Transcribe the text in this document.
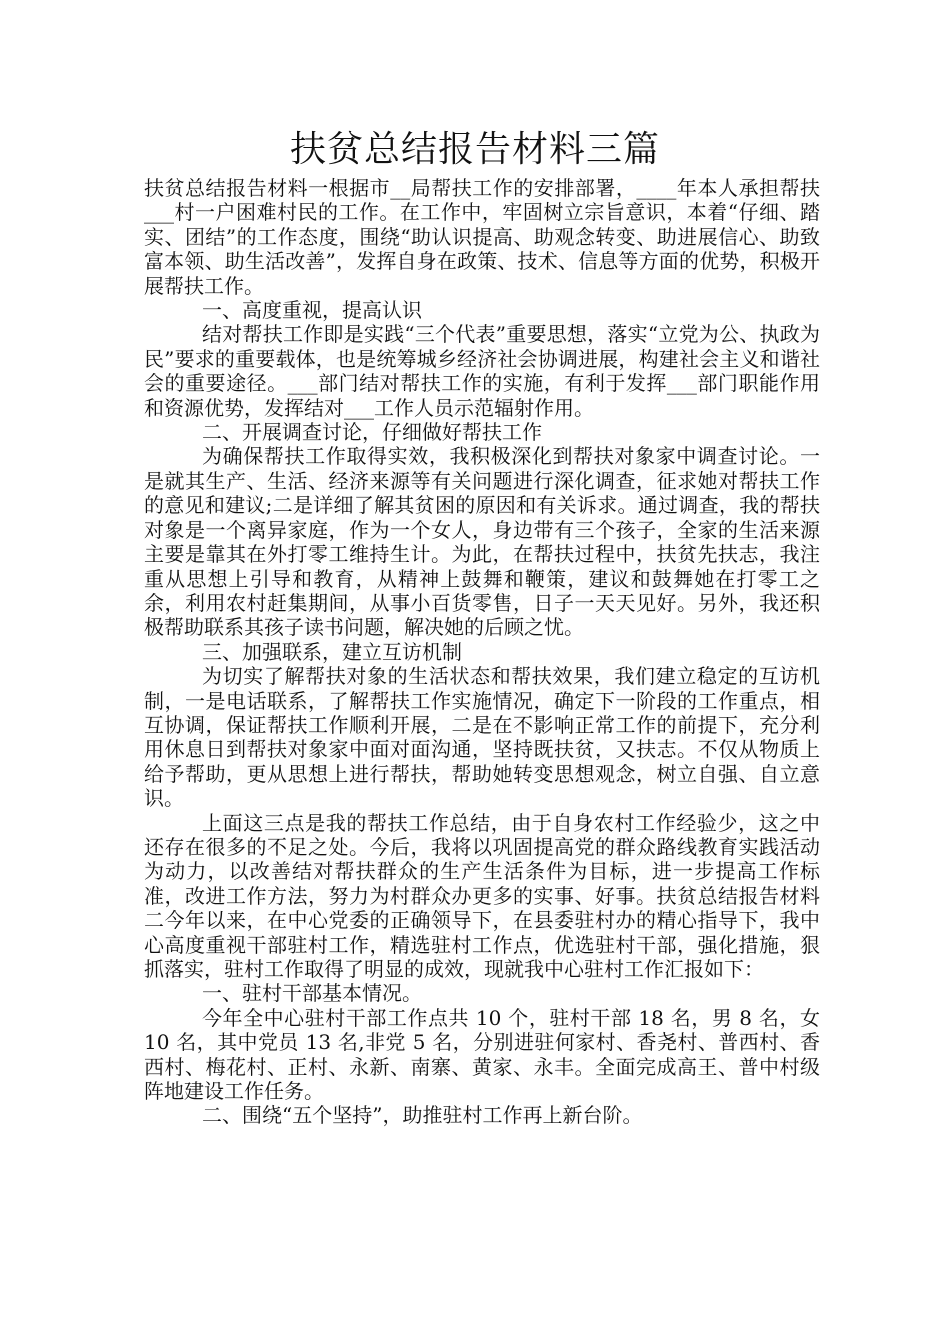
扶贫总结报告材料三篇

扶贫总结报告材料一根据市__局帮扶工作的安排部署，____年本人承担帮扶___村一户困难村民的工作。在工作中，牢固树立宗旨意识，本着“仔细、踏实、团结”的工作态度，围绕“助认识提高、助观念转变、助进展信心、助致富本领、助生活改善”，发挥自身在政策、技术、信息等方面的优势，积极开展帮扶工作。

一、高度重视，提高认识

结对帮扶工作即是实践“三个代表”重要思想，落实“立党为公、执政为民”要求的重要载体，也是统筹城乡经济社会协调进展，构建社会主义和谐社会的重要途径。___部门结对帮扶工作的实施，有利于发挥___部门职能作用和资源优势，发挥结对___工作人员示范辐射作用。

二、开展调查讨论，仔细做好帮扶工作

为确保帮扶工作取得实效，我积极深化到帮扶对象家中调查讨论。一是就其生产、生活、经济来源等有关问题进行深化调查，征求她对帮扶工作的意见和建议;二是详细了解其贫困的原因和有关诉求。通过调查，我的帮扶对象是一个离异家庭，作为一个女人，身边带有三个孩子，全家的生活来源主要是靠其在外打零工维持生计。为此，在帮扶过程中，扶贫先扶志，我注重从思想上引导和教育，从精神上鼓舞和鞭策，建议和鼓舞她在打零工之余，利用农村赶集期间，从事小百货零售，日子一天天见好。另外，我还积极帮助联系其孩子读书问题，解决她的后顾之忧。

三、加强联系，建立互访机制

为切实了解帮扶对象的生活状态和帮扶效果，我们建立稳定的互访机制，一是电话联系，了解帮扶工作实施情况，确定下一阶段的工作重点，相互协调，保证帮扶工作顺利开展，二是在不影响正常工作的前提下，充分利用休息日到帮扶对象家中面对面沟通，坚持既扶贫，又扶志。不仅从物质上给予帮助，更从思想上进行帮扶，帮助她转变思想观念，树立自强、自立意识。

上面这三点是我的帮扶工作总结，由于自身农村工作经验少，这之中还存在很多的不足之处。今后，我将以巩固提高党的群众路线教育实践活动为动力，以改善结对帮扶群众的生产生活条件为目标，进一步提高工作标准，改进工作方法，努力为村群众办更多的实事、好事。扶贫总结报告材料二今年以来，在中心党委的正确领导下，在县委驻村办的精心指导下，我中心高度重视干部驻村工作，精选驻村工作点，优选驻村干部，强化措施，狠抓落实，驻村工作取得了明显的成效，现就我中心驻村工作汇报如下：

一、驻村干部基本情况。

今年全中心驻村干部工作点共 10 个，驻村干部 18 名，男 8 名，女 10 名，其中党员 13 名,非党 5 名，分别进驻何家村、香尧村、普西村、香西村、梅花村、正村、永新、南寨、黄家、永丰。全面完成高王、普中村级阵地建设工作任务。

二、围绕“五个坚持”，助推驻村工作再上新台阶。
